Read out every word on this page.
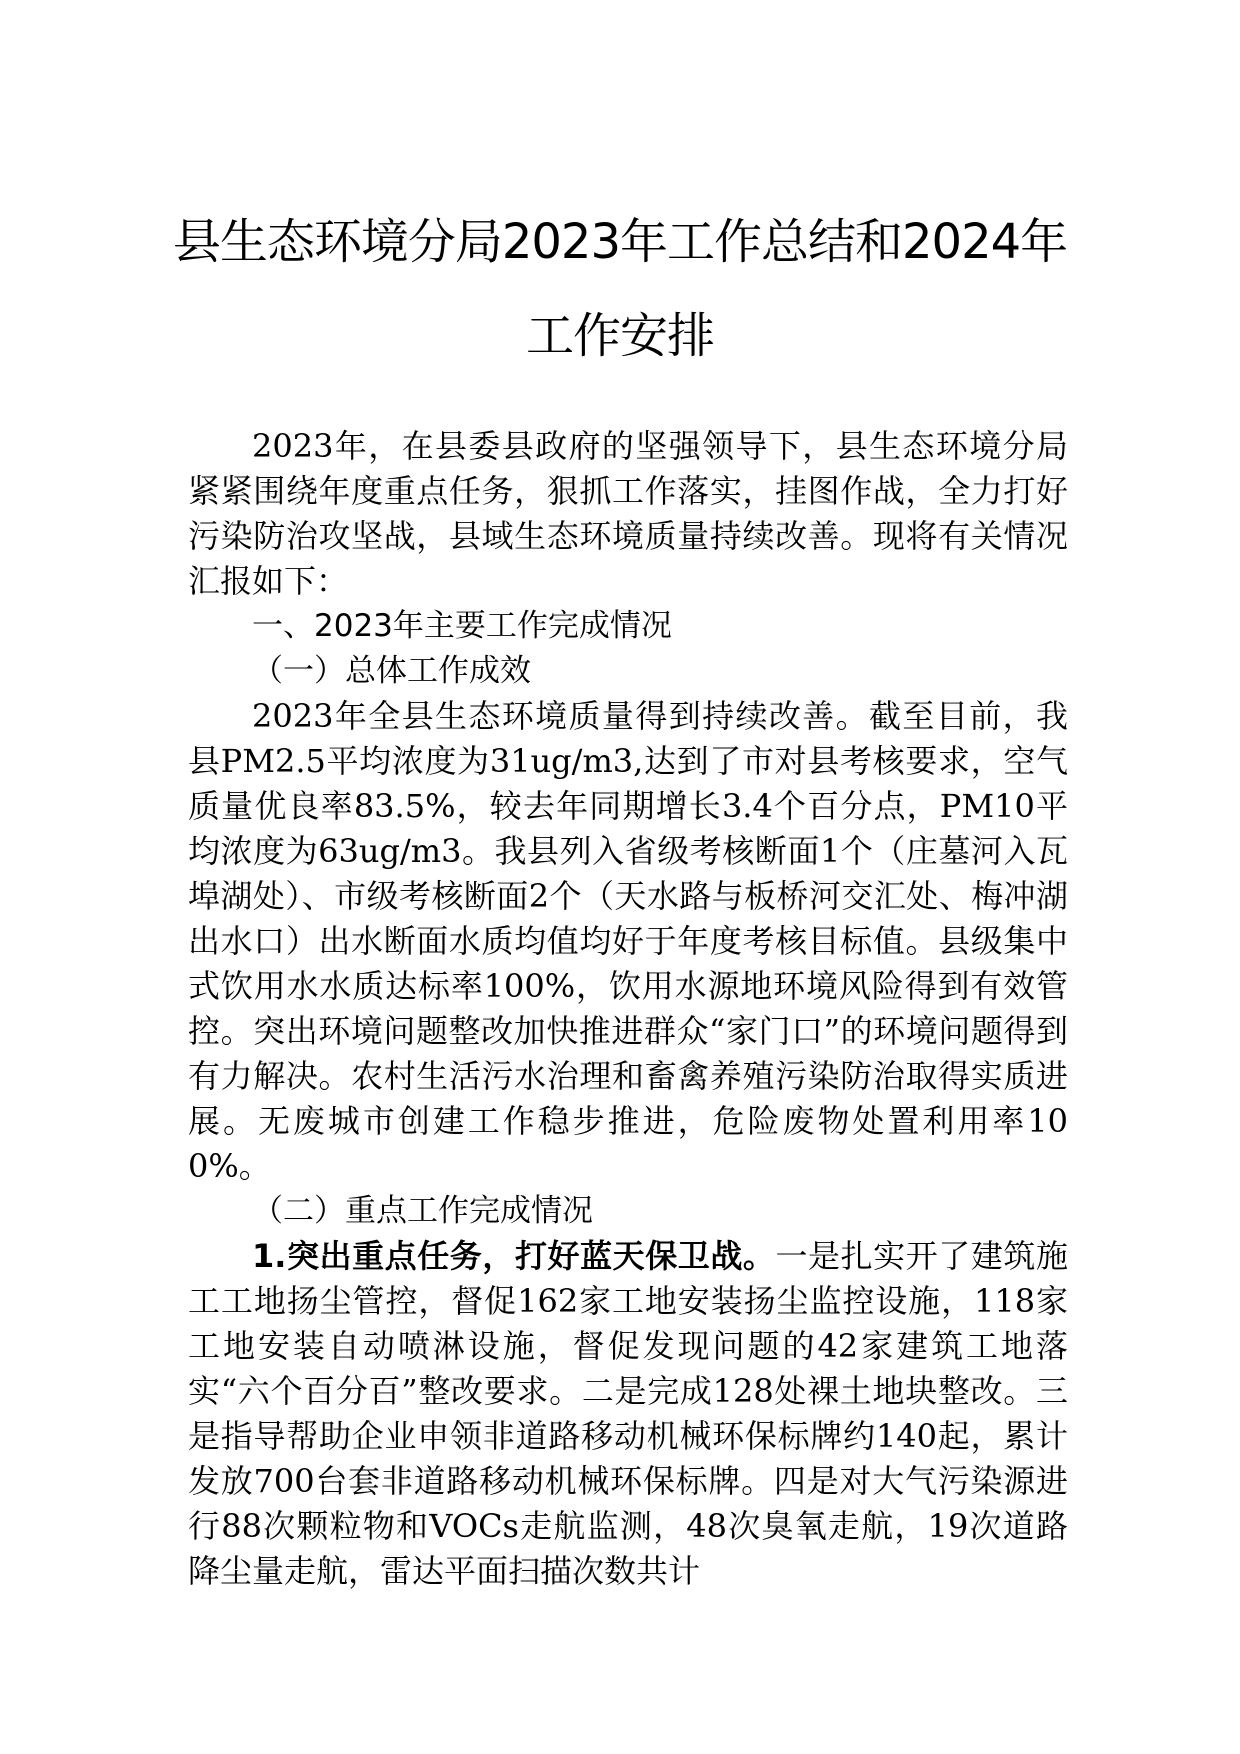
县生态环境分局2023年工作总结和2024年
工作安排

2023年，在县委县政府的坚强领导下，县生态环境分局紧紧围绕年度重点任务，狠抓工作落实，挂图作战，全力打好污染防治攻坚战，县域生态环境质量持续改善。现将有关情况汇报如下：

一、2023年主要工作完成情况

（一）总体工作成效

2023年全县生态环境质量得到持续改善。截至目前，我县PM2.5平均浓度为31ug/m3,达到了市对县考核要求，空气质量优良率83.5%，较去年同期增长3.4个百分点，PM10平均浓度为63ug/m3。我县列入省级考核断面1个（庄墓河入瓦埠湖处）、市级考核断面2个（天水路与板桥河交汇处、梅冲湖出水口）出水断面水质均值均好于年度考核目标值。县级集中式饮用水水质达标率100%，饮用水源地环境风险得到有效管控。突出环境问题整改加快推进群众“家门口”的环境问题得到有力解决。农村生活污水治理和畜禽养殖污染防治取得实质进展。无废城市创建工作稳步推进，危险废物处置利用率100%。

（二）重点工作完成情况

1.突出重点任务，打好蓝天保卫战。一是扎实开了建筑施工工地扬尘管控，督促162家工地安装扬尘监控设施，118家工地安装自动喷淋设施，督促发现问题的42家建筑工地落实“六个百分百”整改要求。二是完成128处裸土地块整改。三是指导帮助企业申领非道路移动机械环保标牌约140起，累计发放700台套非道路移动机械环保标牌。四是对大气污染源进行88次颗粒物和VOCs走航监测，48次臭氧走航，19次道路降尘量走航，雷达平面扫描次数共计
